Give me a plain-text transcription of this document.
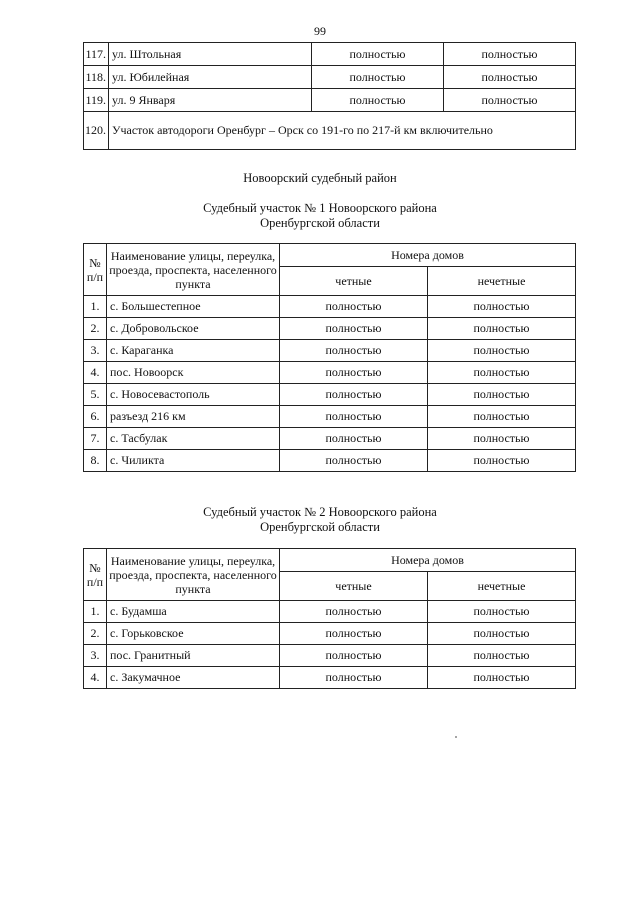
99
117.	ул. Штольная	полностью	полностью
118.	ул. Юбилейная	полностью	полностью
119.	ул. 9 Января	полностью	полностью
120.	Участок автодороги Оренбург – Орск со 191-го по 217-й км включительно		
Новоорский судебный район
Судебный участок № 1 Новоорского района
Оренбургской области
№ п/п	Наименование улицы, переулка, проезда, проспекта, населенного пункта	Номера домов	
		четные	нечетные
1.	с. Большестепное	полностью	полностью
2.	с. Добровольское	полностью	полностью
3.	с. Караганка	полностью	полностью
4.	пос. Новоорск	полностью	полностью
5.	с. Новосевастополь	полностью	полностью
6.	разъезд 216 км	полностью	полностью
7.	с. Тасбулак	полностью	полностью
8.	с. Чиликта	полностью	полностью
Судебный участок № 2 Новоорского района
Оренбургской области
№ п/п	Наименование улицы, переулка, проезда, проспекта, населенного пункта	Номера домов	
		четные	нечетные
1.	с. Будамша	полностью	полностью
2.	с. Горьковское	полностью	полностью
3.	пос. Гранитный	полностью	полностью
4.	с. Закумачное	полностью	полностью
